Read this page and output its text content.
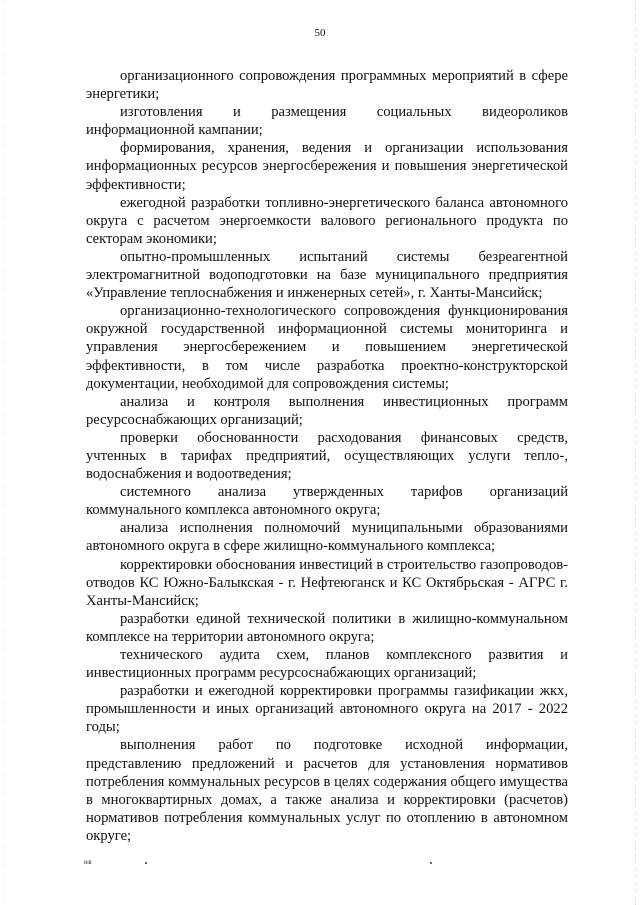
50

организационного сопровождения программных мероприятий в сфере энергетики;

изготовления и размещения социальных видеороликов информационной кампании;

формирования, хранения, ведения и организации использования информационных ресурсов энергосбережения и повышения энергетической эффективности;

ежегодной разработки топливно-энергетического баланса автономного округа с расчетом энергоемкости валового регионального продукта по секторам экономики;

опытно-промышленных испытаний системы безреагентной электромагнитной водоподготовки на базе муниципального предприятия «Управление теплоснабжения и инженерных сетей», г. Ханты-Мансийск;

организационно-технологического сопровождения функционирования окружной государственной информационной системы мониторинга и управления энергосбережением и повышением энергетической эффективности, в том числе разработка проектно-конструкторской документации, необходимой для сопровождения системы;

анализа и контроля выполнения инвестиционных программ ресурсоснабжающих организаций;

проверки обоснованности расходования финансовых средств, учтенных в тарифах предприятий, осуществляющих услуги тепло-, водоснабжения и водоотведения;

системного анализа утвержденных тарифов организаций коммунального комплекса автономного округа;

анализа исполнения полномочий муниципальными образованиями автономного округа в сфере жилищно-коммунального комплекса;

корректировки обоснования инвестиций в строительство газопроводов-отводов КС Южно-Балыкская - г. Нефтеюганск и КС Октябрьская - АГРС г. Ханты-Мансийск;

разработки единой технической политики в жилищно-коммунальном комплексе на территории автономного округа;

технического аудита схем, планов комплексного развития и инвестиционных программ ресурсоснабжающих организаций;

разработки и ежегодной корректировки программы газификации жкх, промышленности и иных организаций автономного округа на 2017 - 2022 годы;

выполнения работ по подготовке исходной информации, представлению предложений и расчетов для установления нормативов потребления коммунальных ресурсов в целях содержания общего имущества в многоквартирных домах, а также анализа и корректировки (расчетов) нормативов потребления коммунальных услуг по отоплению в автономном округе;

нв
